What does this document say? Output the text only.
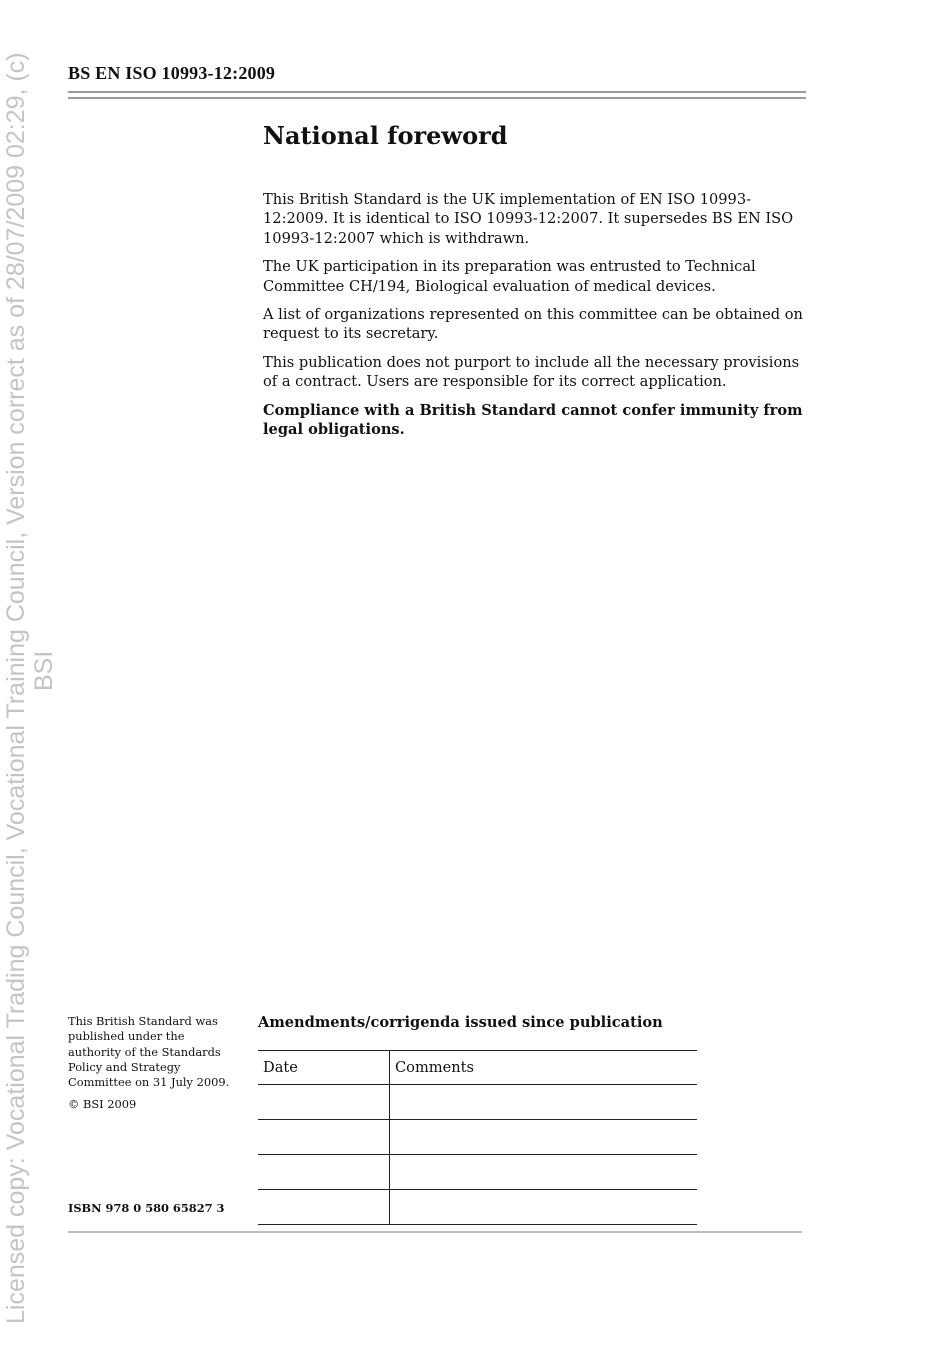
Licensed copy: Vocational Trading Council, Vocational Training Council, Version correct as of 28/07/2009 02:29, (c) BSI
BS EN ISO 10993-12:2009
National foreword

This British Standard is the UK implementation of EN ISO 10993-12:2009. It is identical to ISO 10993-12:2007. It supersedes BS EN ISO 10993-12:2007 which is withdrawn.

The UK participation in its preparation was entrusted to Technical Committee CH/194, Biological evaluation of medical devices.

A list of organizations represented on this committee can be obtained on request to its secretary.

This publication does not purport to include all the necessary provisions of a contract. Users are responsible for its correct application.

Compliance with a British Standard cannot confer immunity from legal obligations.

This British Standard was published under the authority of the Standards Policy and Strategy Committee on 31 July 2009.

© BSI 2009

ISBN 978 0 580 65827 3
Amendments/corrigenda issued since publication
Date	Comments
